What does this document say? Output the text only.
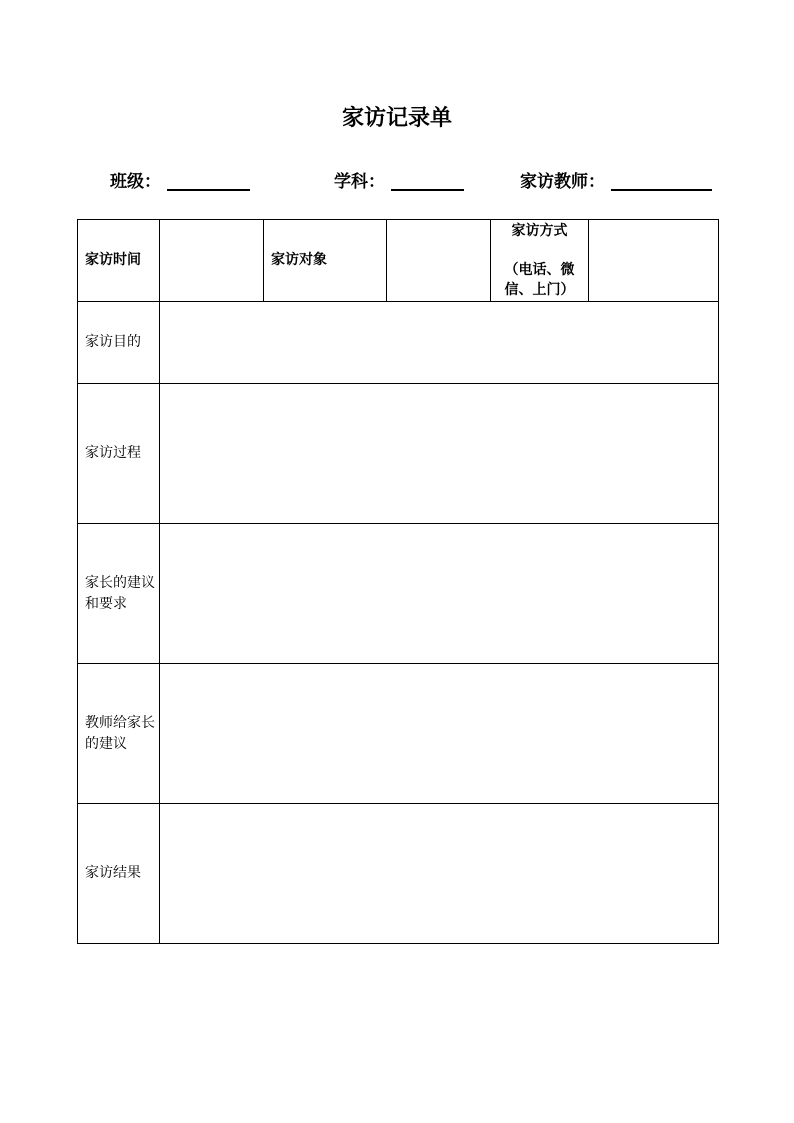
家访记录单
班级：	学科：	家访教师：
家访时间		家访对象		家访方式
（电话、微信、上门）	

家访目的					
家访过程					
家长的建议和要求					
教师给家长的建议					
家访结果					
